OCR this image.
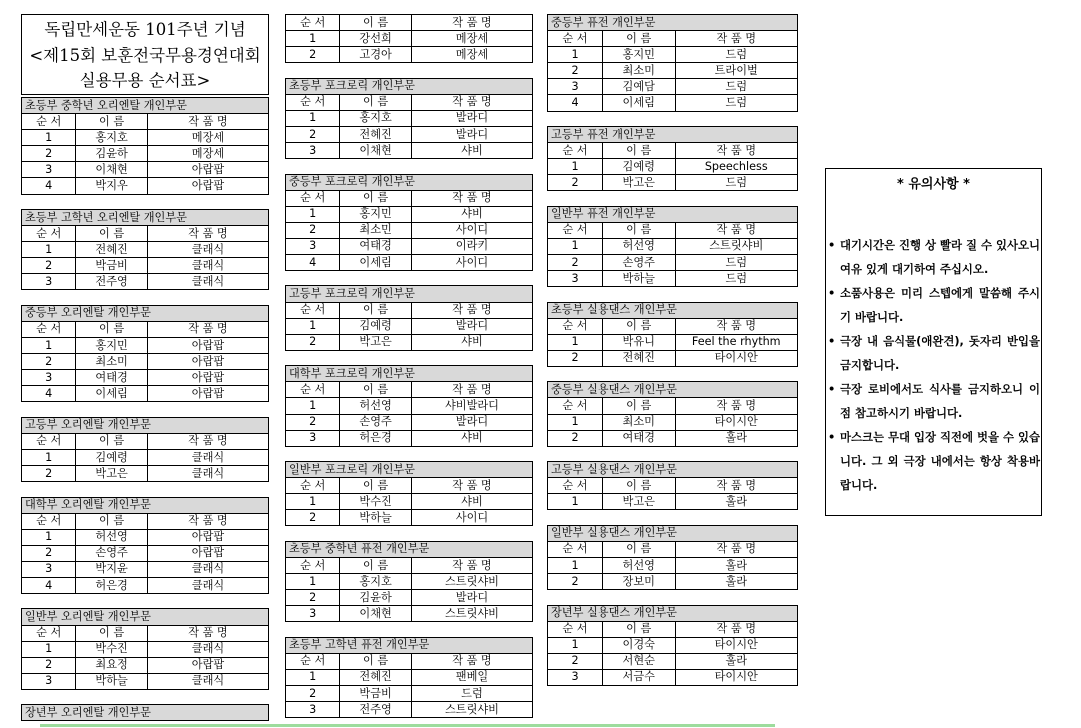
독립만세운동 101주년 기념
<제15회 보훈전국무용경연대회
실용무용 순서표>
초등부 중학년 오리엔탈 개인부문		
순 서	이 름	작 품 명
1	홍지호	메장세
2	김윤하	메장세
3	이채현	아랍팝
4	박지우	아랍팝
초등부 고학년 오리엔탈 개인부문		
순 서	이 름	작 품 명
1	전혜진	클래식
2	박금비	클래식
3	전주영	클래식
중등부 오리엔탈 개인부문		
순 서	이 름	작 품 명
1	홍지민	아랍팝
2	최소미	아랍팝
3	여태경	아랍팝
4	이세림	아랍팝
고등부 오리엔탈 개인부문		
순 서	이 름	작 품 명
1	김예령	클래식
2	박고은	클래식
대학부 오리엔탈 개인부문		
순 서	이 름	작 품 명
1	허선영	아랍팝
2	손영주	아랍팝
3	박지윤	클래식
4	허은경	클래식
일반부 오리엔탈 개인부문		
순 서	이 름	작 품 명
1	박수진	클래식
2	최요정	아랍팝
3	박하늘	클래식
장년부 오리엔탈 개인부문
순 서	이 름	작 품 명
1	강선희	메장세
2	고경아	메장세
초등부 포크로릭 개인부문		
순 서	이 름	작 품 명
1	홍지호	발라디
2	전혜진	발라디
3	이채현	샤비
중등부 포크로릭 개인부문		
순 서	이 름	작 품 명
1	홍지민	샤비
2	최소민	사이디
3	여태경	이라키
4	이세림	사이디
고등부 포크로릭 개인부문		
순 서	이 름	작 품 명
1	김예령	발라디
2	박고은	샤비
대학부 포크로릭 개인부문		
순 서	이 름	작 품 명
1	허선영	샤비발라디
2	손영주	발라디
3	허은경	샤비
일반부 포크로릭 개인부문		
순 서	이 름	작 품 명
1	박수진	샤비
2	박하늘	사이디
초등부 중학년 퓨전 개인부문		
순 서	이 름	작 품 명
1	홍지호	스트릿샤비
2	김윤하	발라디
3	이채현	스트릿샤비
초등부 고학년 퓨전 개인부문		
순 서	이 름	작 품 명
1	전혜진	팬베일
2	박금비	드럼
3	전주영	스트릿샤비
중등부 퓨전 개인부문		
순 서	이 름	작 품 명
1	홍지민	드럼
2	최소미	트라이벌
3	김예담	드럼
4	이세림	드럼
고등부 퓨전 개인부문		
순 서	이 름	작 품 명
1	김예령	Speechless
2	박고은	드럼
일반부 퓨전 개인부문		
순 서	이 름	작 품 명
1	허선영	스트릿샤비
2	손영주	드럼
3	박하늘	드럼
초등부 실용댄스 개인부문		
순 서	이 름	작 품 명
1	박유니	Feel the rhythm
2	전혜진	타이시안
중등부 실용댄스 개인부문		
순 서	이 름	작 품 명
1	최소미	타이시안
2	여태경	훌라
고등부 실용댄스 개인부문		
순 서	이 름	작 품 명
1	박고은	훌라
일반부 실용댄스 개인부문		
순 서	이 름	작 품 명
1	허선영	훌라
2	장보미	훌라
장년부 실용댄스 개인부문		
순 서	이 름	작 품 명
1	이경숙	타이시안
2	서현순	훌라
3	서금수	타이시안
* 유의사항 *
• 대기시간은 진행 상 빨라 질 수 있사오니 여유 있게 대기하여 주십시오.
• 소품사용은 미리 스텝에게 말씀해 주시기 바랍니다.
• 극장 내 음식물(애완견), 돗자리 반입을 금지합니다.
• 극장 로비에서도 식사를 금지하오니 이 점 참고하시기 바랍니다.
• 마스크는 무대 입장 직전에 벗을 수 있습니다. 그 외 극장 내에서는 항상 착용바랍니다.
